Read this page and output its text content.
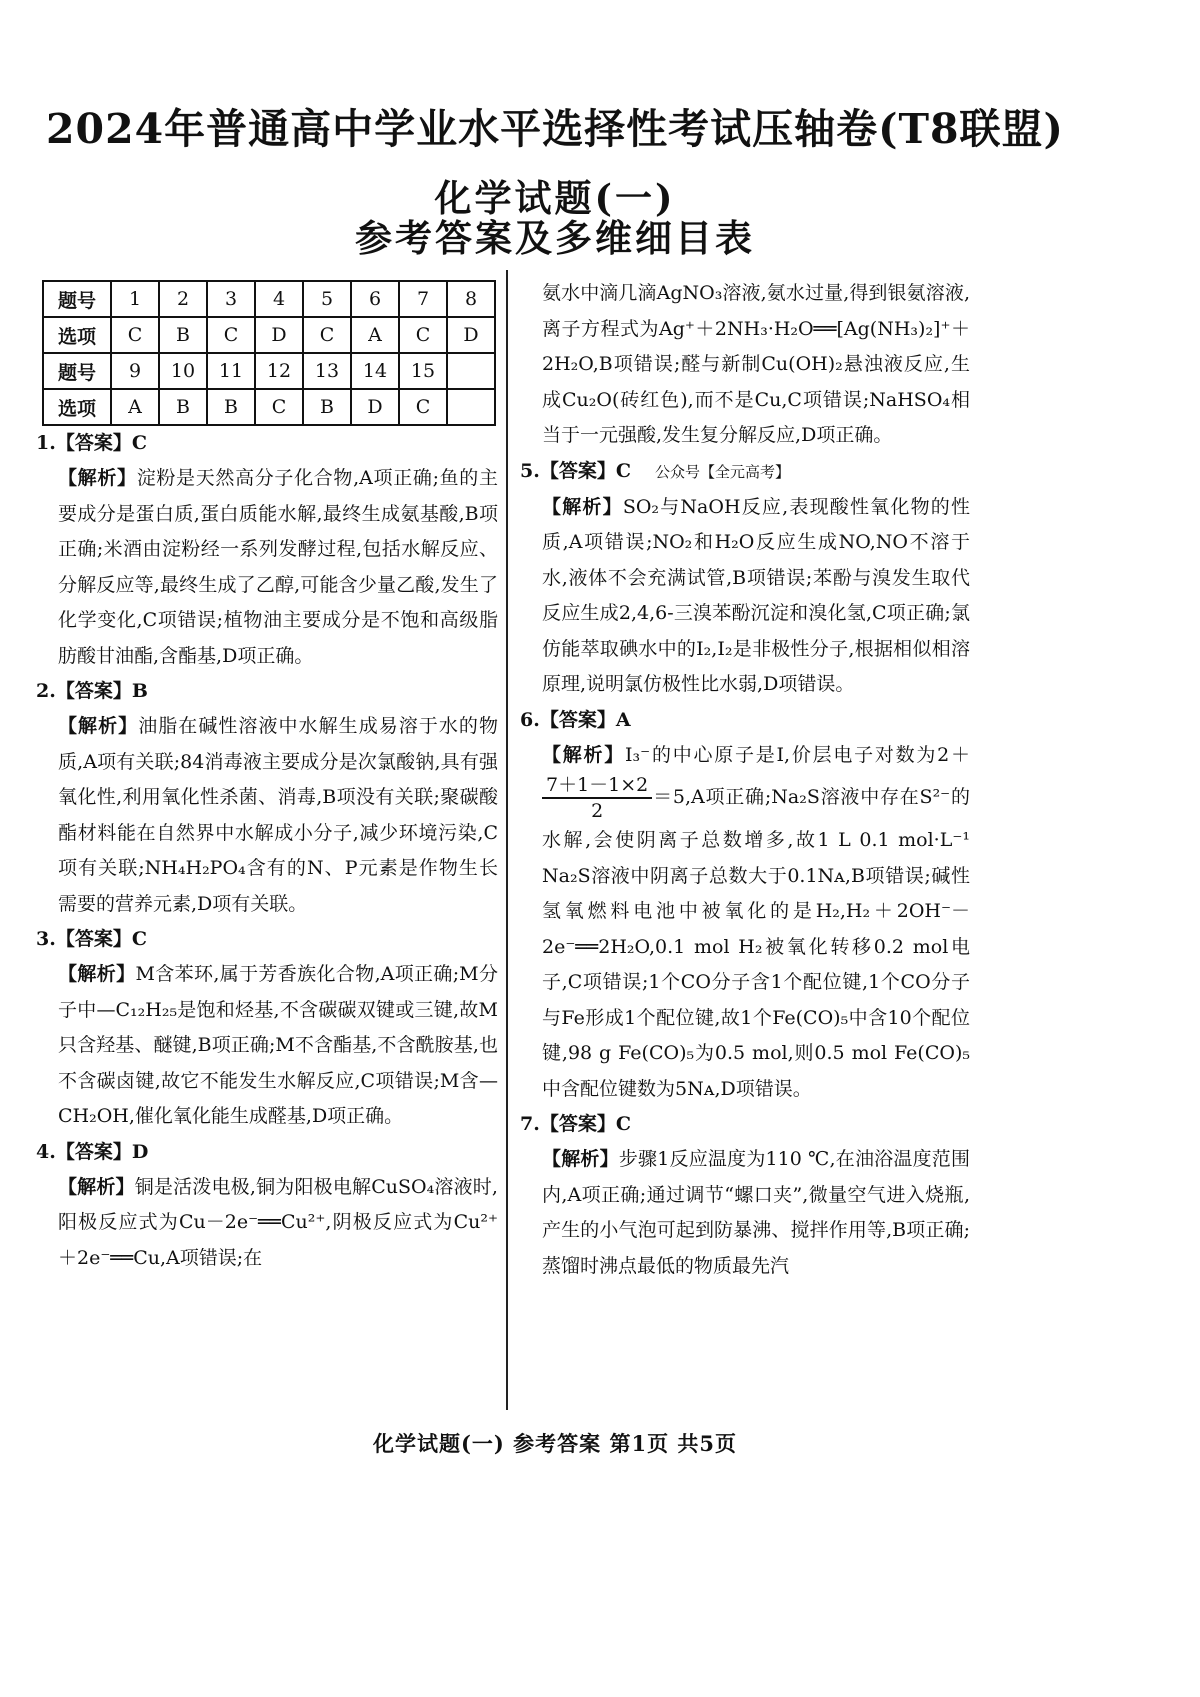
2024年普通高中学业水平选择性考试压轴卷(T8联盟)
化学试题(一)
参考答案及多维细目表
题号	1	2	3	4	5	6	7	8
选项	C	B	C	D	C	A	C	D
题号	9	10	11	12	13	14	15	
选项	A	B	B	C	B	D	C	

1.【答案】C

【解析】淀粉是天然高分子化合物,A项正确;鱼的主要成分是蛋白质,蛋白质能水解,最终生成氨基酸,B项正确;米酒由淀粉经一系列发酵过程,包括水解反应、分解反应等,最终生成了乙醇,可能含少量乙酸,发生了化学变化,C项错误;植物油主要成分是不饱和高级脂肪酸甘油酯,含酯基,D项正确。

2.【答案】B

【解析】油脂在碱性溶液中水解生成易溶于水的物质,A项有关联;84消毒液主要成分是次氯酸钠,具有强氧化性,利用氧化性杀菌、消毒,B项没有关联;聚碳酸酯材料能在自然界中水解成小分子,减少环境污染,C项有关联;NH₄H₂PO₄含有的N、P元素是作物生长需要的营养元素,D项有关联。

3.【答案】C

【解析】M含苯环,属于芳香族化合物,A项正确;M分子中—C₁₂H₂₅是饱和烃基,不含碳碳双键或三键,故M只含羟基、醚键,B项正确;M不含酯基,不含酰胺基,也不含碳卤键,故它不能发生水解反应,C项错误;M含—CH₂OH,催化氧化能生成醛基,D项正确。

4.【答案】D

【解析】铜是活泼电极,铜为阳极电解CuSO₄溶液时,阳极反应式为Cu－2e⁻══Cu²⁺,阴极反应式为Cu²⁺＋2e⁻══Cu,A项错误;在

氨水中滴几滴AgNO₃溶液,氨水过量,得到银氨溶液,离子方程式为Ag⁺＋2NH₃·H₂O══[Ag(NH₃)₂]⁺＋2H₂O,B项错误;醛与新制Cu(OH)₂悬浊液反应,生成Cu₂O(砖红色),而不是Cu,C项错误;NaHSO₄相当于一元强酸,发生复分解反应,D项正确。

5.【答案】C 公众号【全元高考】

【解析】SO₂与NaOH反应,表现酸性氧化物的性质,A项错误;NO₂和H₂O反应生成NO,NO不溶于水,液体不会充满试管,B项错误;苯酚与溴发生取代反应生成2,4,6-三溴苯酚沉淀和溴化氢,C项正确;氯仿能萃取碘水中的I₂,I₂是非极性分子,根据相似相溶原理,说明氯仿极性比水弱,D项错误。

6.【答案】A

【解析】I₃⁻的中心原子是I,价层电子对数为2＋
$\frac{7+1-1\times 2}{2} =5,A$项正确;Na₂S溶液中存在S²⁻的水解,会使阴离子总数增多,故1 L 0.1 mol·L⁻¹ Na₂S溶液中阴离子总数大于0.1Nᴀ,B项错误;碱性氢氧燃料电池中被氧化的是H₂,H₂＋2OH⁻－2e⁻══2H₂O,0.1 mol H₂被氧化转移0.2 mol电子,C项错误;1个CO分子含1个配位键,1个CO分子与Fe形成1个配位键,故1个Fe(CO)₅中含10个配位键,98 g Fe(CO)₅为0.5 mol,则0.5 mol Fe(CO)₅中含配位键数为5Nᴀ,D项错误。

7.【答案】C

【解析】步骤1反应温度为110 ℃,在油浴温度范围内,A项正确;通过调节“螺口夹”,微量空气进入烧瓶,产生的小气泡可起到防暴沸、搅拌作用等,B项正确;蒸馏时沸点最低的物质最先汽

化学试题(一) 参考答案 第1页 共5页
